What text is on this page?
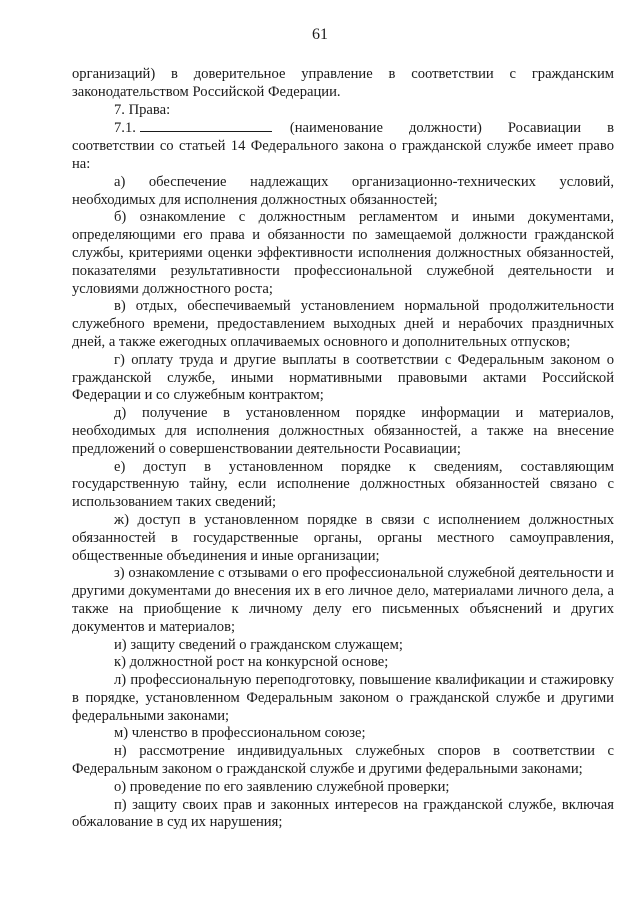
61

организаций) в доверительное управление в соответствии с гражданским законодательством Российской Федерации.

7. Права:

7.1.	(наименование должности) Росавиации в соответствии со статьей 14 Федерального закона о гражданской службе имеет право на:

а) обеспечение надлежащих организационно-технических условий, необходимых для исполнения должностных обязанностей;

б) ознакомление с должностным регламентом и иными документами, определяющими его права и обязанности по замещаемой должности гражданской службы, критериями оценки эффективности исполнения должностных обязанностей, показателями результативности профессиональной служебной деятельности и условиями должностного роста;

в) отдых, обеспечиваемый установлением нормальной продолжительности служебного времени, предоставлением выходных дней и нерабочих праздничных дней, а также ежегодных оплачиваемых основного и дополнительных отпусков;

г) оплату труда и другие выплаты в соответствии с Федеральным законом о гражданской службе, иными нормативными правовыми актами Российской Федерации и со служебным контрактом;

д) получение в установленном порядке информации и материалов, необходимых для исполнения должностных обязанностей, а также на внесение предложений о совершенствовании деятельности Росавиации;

е) доступ в установленном порядке к сведениям, составляющим государственную тайну, если исполнение должностных обязанностей связано с использованием таких сведений;

ж) доступ в установленном порядке в связи с исполнением должностных обязанностей в государственные органы, органы местного самоуправления, общественные объединения и иные организации;

з) ознакомление с отзывами о его профессиональной служебной деятельности и другими документами до внесения их в его личное дело, материалами личного дела, а также на приобщение к личному делу его письменных объяснений и других документов и материалов;

и) защиту сведений о гражданском служащем;

к) должностной рост на конкурсной основе;

л) профессиональную переподготовку, повышение квалификации и стажировку в порядке, установленном Федеральным законом о гражданской службе и другими федеральными законами;

м) членство в профессиональном союзе;

н) рассмотрение индивидуальных служебных споров в соответствии с Федеральным законом о гражданской службе и другими федеральными законами;

о) проведение по его заявлению служебной проверки;

п) защиту своих прав и законных интересов на гражданской службе, включая обжалование в суд их нарушения;
